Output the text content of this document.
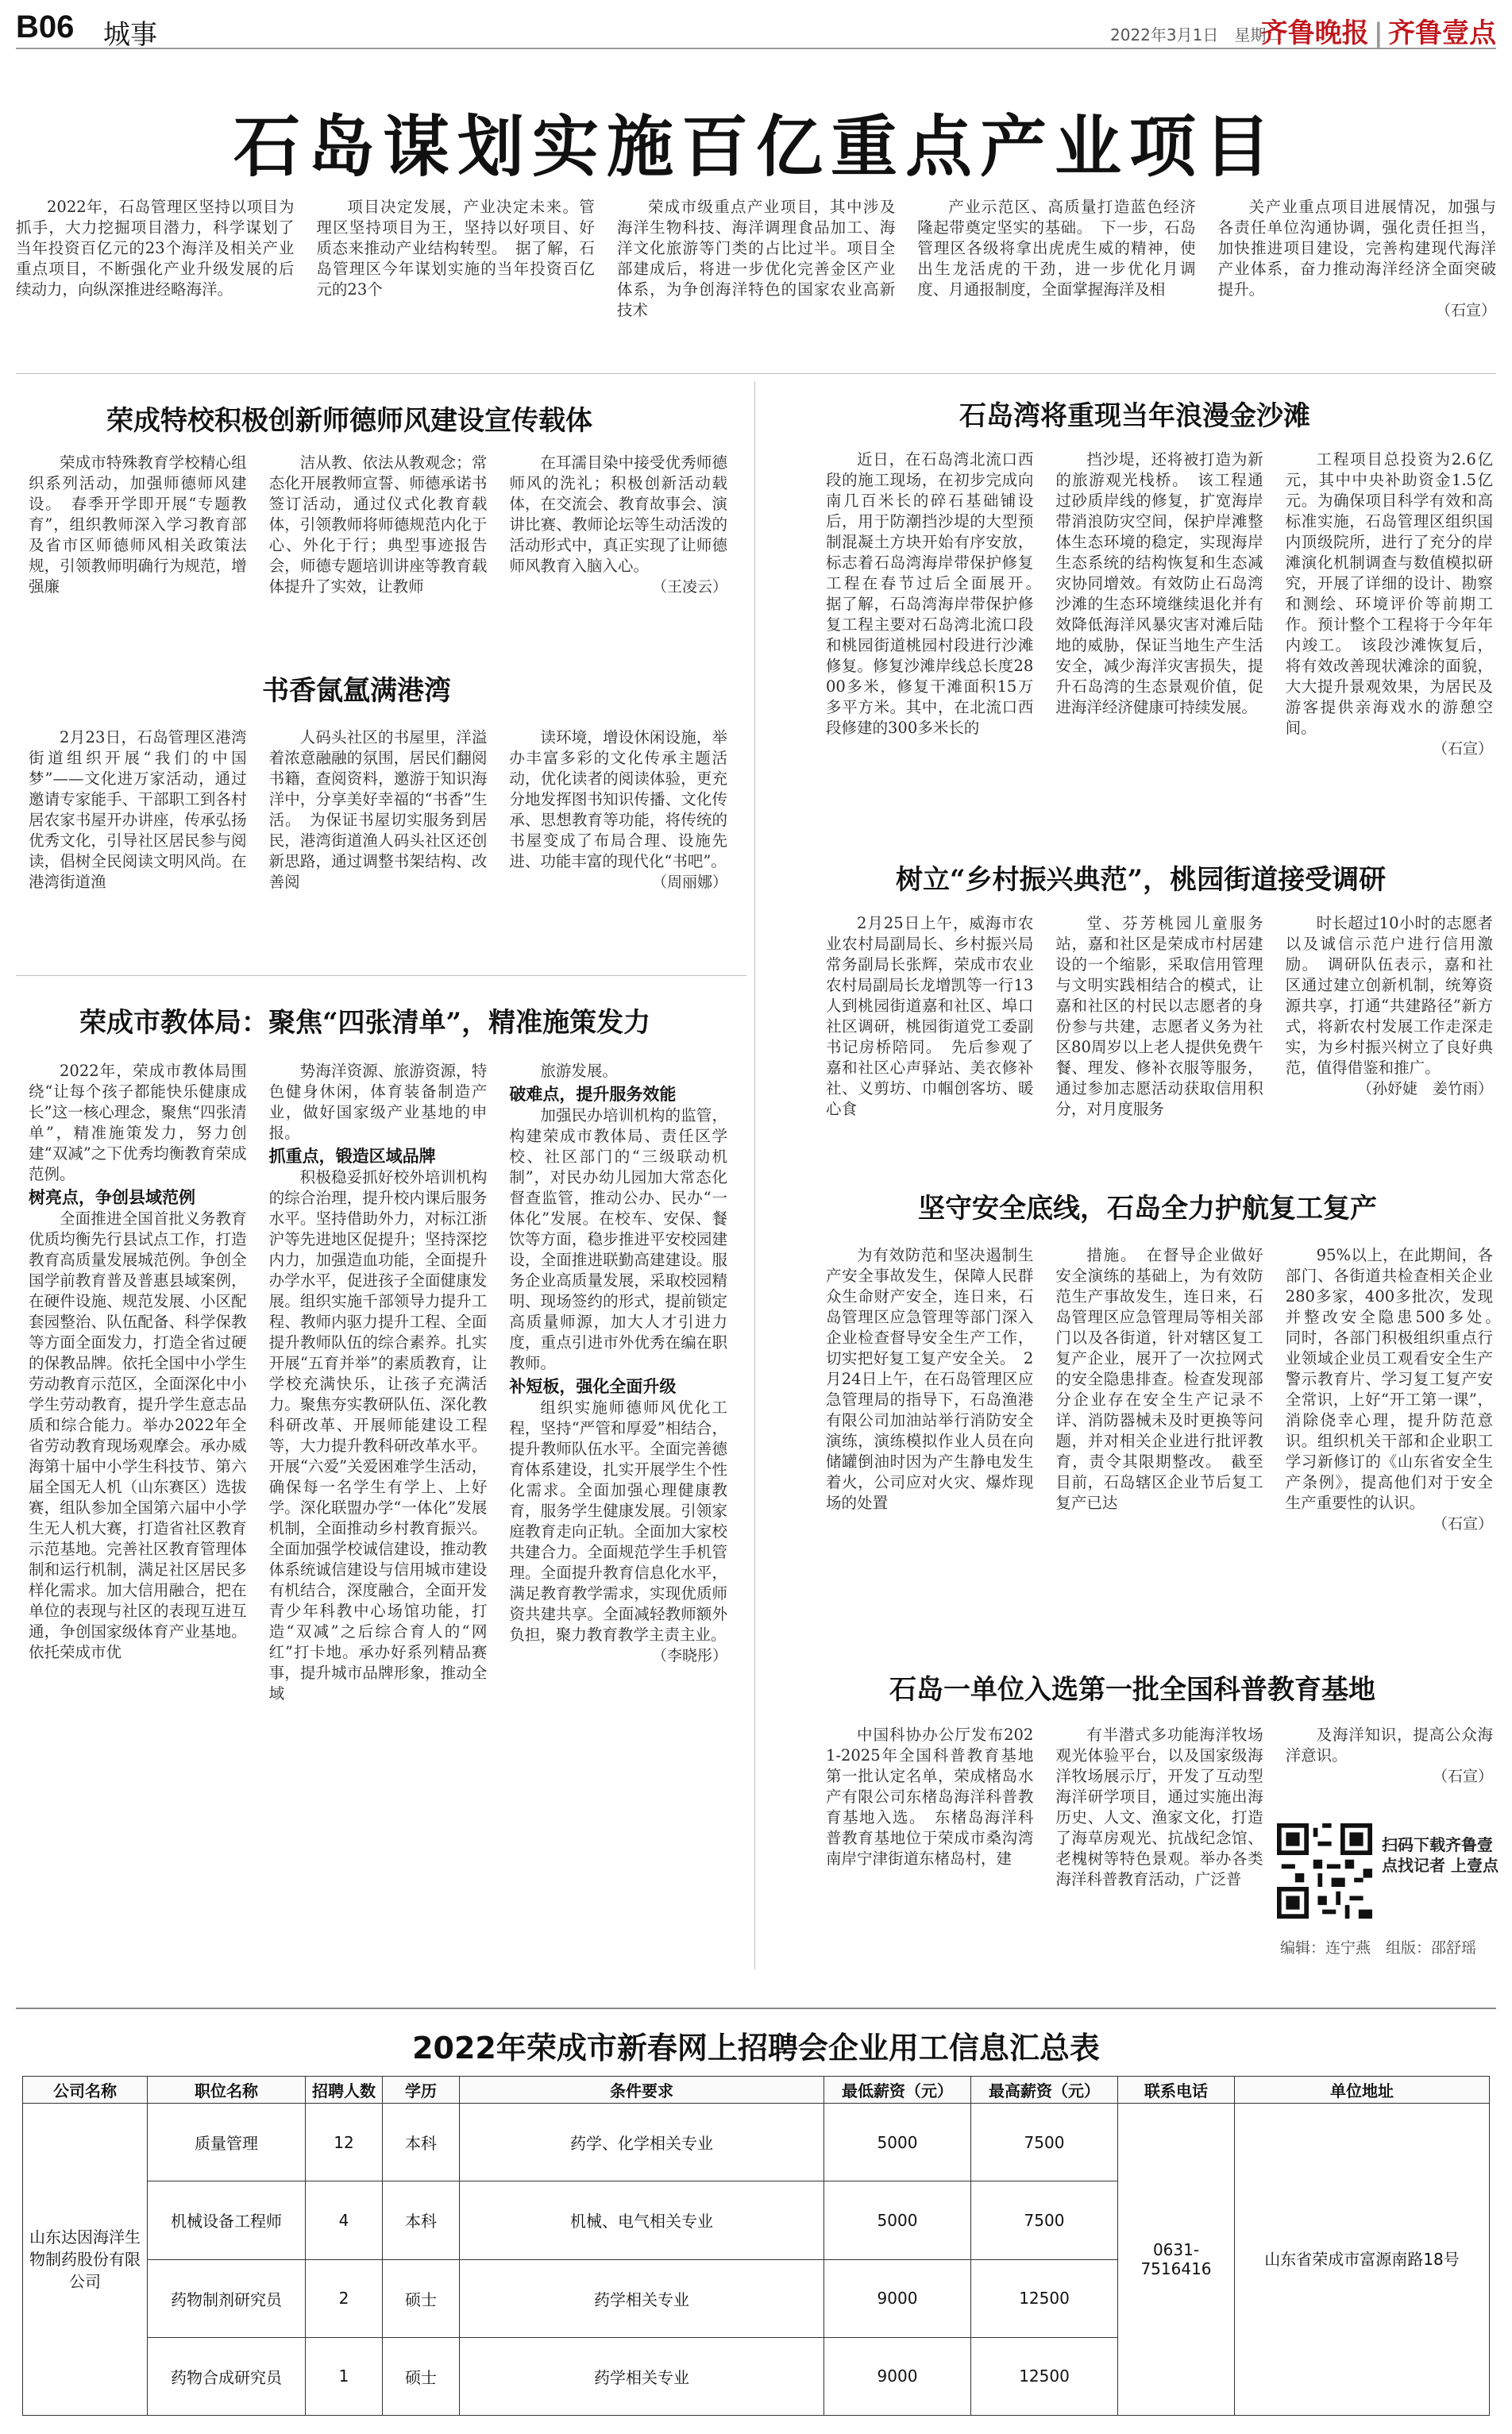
B06 城事	2022年3月1日　星期二
齐鲁晚报 | 齐鲁壹点
石岛谋划实施百亿重点产业项目

2022年，石岛管理区坚持以项目为抓手，大力挖掘项目潜力，科学谋划了当年投资百亿元的23个海洋及相关产业重点项目，不断强化产业升级发展的后续动力，向纵深推进经略海洋。

项目决定发展，产业决定未来。管理区坚持项目为王，坚持以好项目、好质态来推动产业结构转型。　据了解，石岛管理区今年谋划实施的当年投资百亿元的23个

荣成市级重点产业项目，其中涉及海洋生物科技、海洋调理食品加工、海洋文化旅游等门类的占比过半。项目全部建成后，将进一步优化完善金区产业体系，为争创海洋特色的国家农业高新技术

产业示范区、高质量打造蓝色经济隆起带奠定坚实的基础。　下一步，石岛管理区各级将拿出虎虎生威的精神，使出生龙活虎的干劲，进一步优化月调度、月通报制度，全面掌握海洋及相

关产业重点项目进展情况，加强与各责任单位沟通协调，强化责任担当，加快推进项目建设，完善构建现代海洋产业体系，奋力推动海洋经济全面突破提升。

（石宣）

荣成特校积极创新师德师风建设宣传载体

荣成市特殊教育学校精心组织系列活动，加强师德师风建设。　春季开学即开展“专题教育”，组织教师深入学习教育部及省市区师德师风相关政策法规，引领教师明确行为规范，增强廉

洁从教、依法从教观念；常态化开展教师宣誓、师德承诺书签订活动，通过仪式化教育载体，引领教师将师德规范内化于心、外化于行；典型事迹报告会，师德专题培训讲座等教育载体提升了实效，让教师

在耳濡目染中接受优秀师德师风的洗礼；积极创新活动载体，在交流会、教育故事会、演讲比赛、教师论坛等生动活泼的活动形式中，真正实现了让师德师风教育入脑入心。

（王凌云）

书香氤氲满港湾

2月23日，石岛管理区港湾街道组织开展“我们的中国梦”——文化进万家活动，通过邀请专家能手、干部职工到各村居农家书屋开办讲座，传承弘扬优秀文化，引导社区居民参与阅读，倡树全民阅读文明风尚。在港湾街道渔

人码头社区的书屋里，洋溢着浓意融融的氛围，居民们翻阅书籍，查阅资料，邀游于知识海洋中，分享美好幸福的“书香”生活。　为保证书屋切实服务到居民，港湾街道渔人码头社区还创新思路，通过调整书架结构、改善阅

读环境，增设休闲设施，举办丰富多彩的文化传承主题活动，优化读者的阅读体验，更充分地发挥图书知识传播、文化传承、思想教育等功能，将传统的书屋变成了布局合理、设施先进、功能丰富的现代化“书吧”。

（周丽娜）

荣成市教体局：聚焦“四张清单”，精准施策发力

2022年，荣成市教体局围绕“让每个孩子都能快乐健康成长”这一核心理念，聚焦“四张清单”，精准施策发力，努力创建“双减”之下优秀均衡教育荣成范例。

树亮点，争创县域范例

全面推进全国首批义务教育优质均衡先行县试点工作，打造教育高质量发展城范例。争创全国学前教育普及普惠县域案例，在硬件设施、规范发展、小区配套园整治、队伍配备、科学保教等方面全面发力，打造全省过硬的保教品牌。依托全国中小学生劳动教育示范区，全面深化中小学生劳动教育，提升学生意志品质和综合能力。举办2022年全省劳动教育现场观摩会。承办威海第十届中小学生科技节、第六届全国无人机（山东赛区）选拔赛，组队参加全国第六届中小学生无人机大赛，打造省社区教育示范基地。完善社区教育管理体制和运行机制，满足社区居民多样化需求。加大信用融合，把在单位的表现与社区的表现互进互通，争创国家级体育产业基地。依托荣成市优

势海洋资源、旅游资源，特色健身休闲，体育装备制造产业，做好国家级产业基地的申报。

抓重点，锻造区域品牌

积极稳妥抓好校外培训机构的综合治理，提升校内课后服务水平。坚持借助外力，对标江浙沪等先进地区促提升；坚持深挖内力，加强造血功能，全面提升办学水平，促进孩子全面健康发展。组织实施千部领导力提升工程、教师内驱力提升工程、全面提升教师队伍的综合素养。扎实开展“五育并举”的素质教育，让学校充满快乐，让孩子充满活力。聚焦夯实教研队伍、深化教科研改革、开展师能建设工程等，大力提升教科研改革水平。开展“六爱”关爱困难学生活动，确保每一名学生有学上、上好学。深化联盟办学“一体化”发展机制，全面推动乡村教育振兴。全面加强学校诚信建设，推动教体系统诚信建设与信用城市建设有机结合，深度融合，全面开发青少年科教中心场馆功能，打造“双减”之后综合育人的“网红”打卡地。承办好系列精品赛事，提升城市品牌形象，推动全域

旅游发展。

破难点，提升服务效能

加强民办培训机构的监管，构建荣成市教体局、责任区学校、社区部门的“三级联动机制”，对民办幼儿园加大常态化督查监管，推动公办、民办“一体化”发展。在校车、安保、餐饮等方面，稳步推进平安校园建设，全面推进联勤高建建设。服务企业高质量发展，采取校园精明、现场签约的形式，提前锁定高质量师源，加大人才引进力度，重点引进市外优秀在编在职教师。

补短板，强化全面升级

组织实施师德师风优化工程，坚持“严管和厚爱”相结合，提升教师队伍水平。全面完善德育体系建设，扎实开展学生个性化需求。全面加强心理健康教育，服务学生健康发展。引领家庭教育走向正轨。全面加大家校共建合力。全面规范学生手机管理。全面提升教育信息化水平，满足教育教学需求，实现优质师资共建共享。全面减轻教师额外负担，聚力教育教学主责主业。

（李晓彤）

石岛湾将重现当年浪漫金沙滩

近日，在石岛湾北流口西段的施工现场，在初步完成向南几百米长的碎石基础铺设后，用于防潮挡沙堤的大型预制混凝土方块开始有序安放，标志着石岛湾海岸带保护修复工程在春节过后全面展开。　据了解，石岛湾海岸带保护修复工程主要对石岛湾北流口段和桃园街道桃园村段进行沙滩修复。修复沙滩岸线总长度2800多米，修复干滩面积15万多平方米。其中，在北流口西段修建的300多米长的

挡沙堤，还将被打造为新的旅游观光栈桥。　该工程通过砂质岸线的修复，扩宽海岸带消浪防灾空间，保护岸滩整体生态环境的稳定，实现海岸生态系统的结构恢复和生态减灾协同增效。有效防止石岛湾沙滩的生态环境继续退化并有效降低海洋风暴灾害对滩后陆地的威胁，保证当地生产生活安全，减少海洋灾害损失，提升石岛湾的生态景观价值，促进海洋经济健康可持续发展。

工程项目总投资为2.6亿元，其中中央补助资金1.5亿元。为确保项目科学有效和高标准实施，石岛管理区组织国内顶级院所，进行了充分的岸滩演化机制调查与数值模拟研究，开展了详细的设计、勘察和测绘、环境评价等前期工作。预计整个工程将于今年年内竣工。　该段沙滩恢复后，将有效改善现状滩涂的面貌，大大提升景观效果，为居民及游客提供亲海戏水的游憩空间。

（石宣）

树立“乡村振兴典范”，桃园街道接受调研

2月25日上午，威海市农业农村局副局长、乡村振兴局常务副局长张辉，荣成市农业农村局副局长龙增凯等一行13人到桃园街道嘉和社区、埠口社区调研，桃园街道党工委副书记房桥陪同。　先后参观了嘉和社区心声驿站、美衣修补社、义剪坊、巾帼创客坊、暖心食

堂、芬芳桃园儿童服务站，嘉和社区是荣成市村居建设的一个缩影，采取信用管理与文明实践相结合的模式，让嘉和社区的村民以志愿者的身份参与共建，志愿者义务为社区80周岁以上老人提供免费午餐、理发、修补衣服等服务，通过参加志愿活动获取信用积分，对月度服务

时长超过10小时的志愿者以及诚信示范户进行信用激励。　调研队伍表示，嘉和社区通过建立创新机制，统筹资源共享，打通“共建路径”新方式，将新农村发展工作走深走实，为乡村振兴树立了良好典范，值得借鉴和推广。

（孙妤婕　姜竹雨）

坚守安全底线，石岛全力护航复工复产

为有效防范和坚决遏制生产安全事故发生，保障人民群众生命财产安全，连日来，石岛管理区应急管理等部门深入企业检查督导安全生产工作，切实把好复工复产安全关。　2月24日上午，在石岛管理区应急管理局的指导下，石岛渔港有限公司加油站举行消防安全演练，演练模拟作业人员在向储罐倒油时因为产生静电发生着火，公司应对火灾、爆炸现场的处置

措施。　在督导企业做好安全演练的基础上，为有效防范生产事故发生，连日来，石岛管理区应急管理局等相关部门以及各街道，针对辖区复工复产企业，展开了一次拉网式的安全隐患排查。检查发现部分企业存在安全生产记录不详、消防器械未及时更换等问题，并对相关企业进行批评教育，责令其限期整改。　截至目前，石岛辖区企业节后复工复产已达

95%以上，在此期间，各部门、各街道共检查相关企业280多家，400多批次，发现并整改安全隐患500多处。　同时，各部门积极组织重点行业领域企业员工观看安全生产警示教育片、学习复工复产安全常识，上好“开工第一课”，消除侥幸心理，提升防范意识。组织机关干部和企业职工学习新修订的《山东省安全生产条例》，提高他们对于安全生产重要性的认识。

（石宣）

石岛一单位入选第一批全国科普教育基地

中国科协办公厅发布2021-2025年全国科普教育基地第一批认定名单，荣成楮岛水产有限公司东楮岛海洋科普教育基地入选。　东楮岛海洋科普教育基地位于荣成市桑沟湾南岸宁津街道东楮岛村，建

有半潜式多功能海洋牧场观光体验平台，以及国家级海洋牧场展示厅，开发了互动型海洋研学项目，通过实施出海历史、人文、渔家文化，打造了海草房观光、抗战纪念馆、老槐树等特色景观。举办各类海洋科普教育活动，广泛普

及海洋知识，提高公众海洋意识。

（石宣）

扫码下载齐鲁壹点找记者 上壹点
编辑：连宁燕　组版：邵舒瑶
2022年荣成市新春网上招聘会企业用工信息汇总表
公司名称	职位名称	招聘人数	学历	条件要求	最低薪资（元）	最高薪资（元）	联系电话	单位地址
山东达因海洋生物制药股份有限公司	质量管理	12	本科	药学、化学相关专业	5000	7500	0631-7516416	山东省荣成市富源南路18号
	机械设备工程师	4	本科	机械、电气相关专业	5000	7500		
	药物制剂研究员	2	硕士	药学相关专业	9000	12500		
	药物合成研究员	1	硕士	药学相关专业	9000	12500		
